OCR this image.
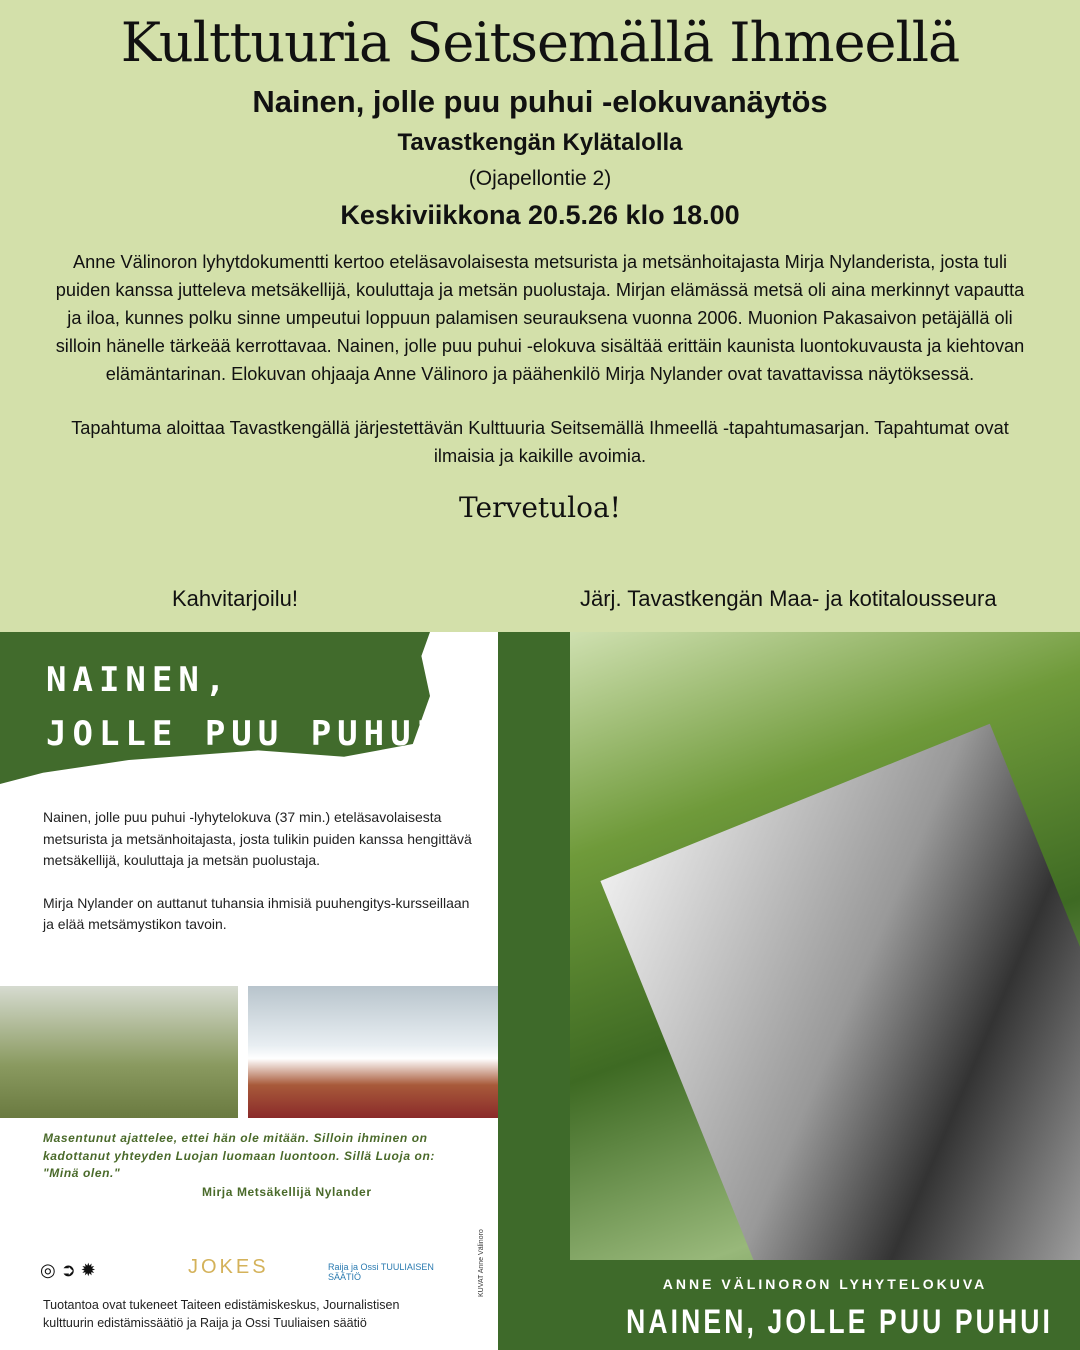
Kulttuuria Seitsemällä Ihmeellä
Nainen, jolle puu puhui -elokuvanäytös
Tavastkengän Kylätalolla
(Ojapellontie 2)
Keskiviikkona 20.5.26 klo 18.00
Anne Välinoron lyhytdokumentti kertoo eteläsavolaisesta metsurista ja metsänhoitajasta Mirja Nylanderista, josta tuli puiden kanssa jutteleva metsäkellijä, kouluttaja ja metsän puolustaja. Mirjan elämässä metsä oli aina merkinnyt vapautta ja iloa, kunnes polku sinne umpeutui loppuun palamisen seurauksena vuonna 2006. Muonion Pakasaivon petäjällä oli silloin hänelle tärkeää kerrottavaa. Nainen, jolle puu puhui -elokuva sisältää erittäin kaunista luontokuvausta ja kiehtovan elämäntarinan. Elokuvan ohjaaja Anne Välinoro ja päähenkilö Mirja Nylander ovat tavattavissa näytöksessä.
Tapahtuma aloittaa Tavastkengällä järjestettävän Kulttuuria Seitsemällä Ihmeellä -tapahtumasarjan. Tapahtumat ovat ilmaisia ja kaikille avoimia.
Tervetuloa!
Kahvitarjoilu!	Järj. Tavastkengän Maa- ja kotitalousseura
NAINEN,
JOLLE PUU PUHUI

Nainen, jolle puu puhui -lyhytelokuva (37 min.) eteläsavolaisesta metsurista ja metsänhoitajasta, josta tulikin puiden kanssa hengittävä metsäkellijä, kouluttaja ja metsän puolustaja.

Mirja Nylander on auttanut tuhansia ihmisiä puuhengitys-kursseillaan ja elää metsämystikon tavoin.

Masentunut ajattelee, ettei hän ole mitään. Silloin ihminen on kadottanut yhteyden Luojan luomaan luontoon. Sillä Luoja on: "Minä olen."
Mirja Metsäkellijä Nylander
◎ ➲ ✹	JOKES	Raija ja Ossi TUULIAISEN SÄÄTIÖ
Tuotantoa ovat tukeneet Taiteen edistämiskeskus, Journalistisen kulttuurin edistämissäätiö ja Raija ja Ossi Tuuliaisen säätiö
KUVAT Anne Välinoro	ANNE VÄLINORON LYHYTELOKUVA
NAINEN, JOLLE PUU PUHUI
